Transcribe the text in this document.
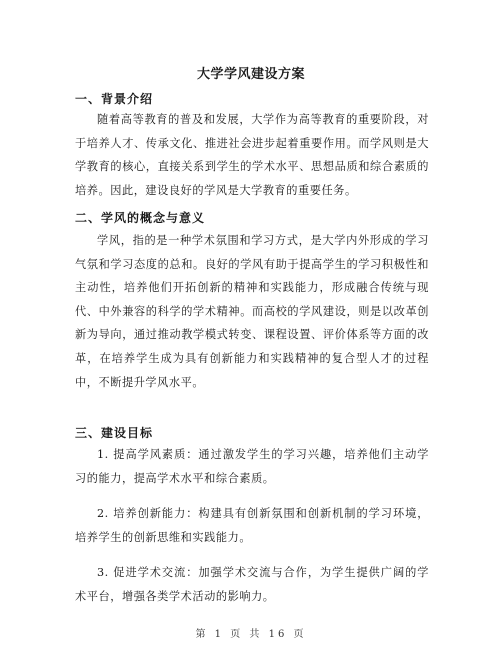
大学学风建设方案
一、背景介绍

随着高等教育的普及和发展，大学作为高等教育的重要阶段，对于培养人才、传承文化、推进社会进步起着重要作用。而学风则是大学教育的核心，直接关系到学生的学术水平、思想品质和综合素质的培养。因此，建设良好的学风是大学教育的重要任务。

二、学风的概念与意义

学风，指的是一种学术氛围和学习方式，是大学内外形成的学习气氛和学习态度的总和。良好的学风有助于提高学生的学习积极性和主动性，培养他们开拓创新的精神和实践能力，形成融合传统与现代、中外兼容的科学的学术精神。而高校的学风建设，则是以改革创新为导向，通过推动教学模式转变、课程设置、评价体系等方面的改革，在培养学生成为具有创新能力和实践精神的复合型人才的过程中，不断提升学风水平。

三、建设目标

1. 提高学风素质：通过激发学生的学习兴趣，培养他们主动学习的能力，提高学术水平和综合素质。

2. 培养创新能力：构建具有创新氛围和创新机制的学习环境，培养学生的创新思维和实践能力。

3. 促进学术交流：加强学术交流与合作，为学生提供广阔的学术平台，增强各类学术活动的影响力。

第 1 页 共 16 页
